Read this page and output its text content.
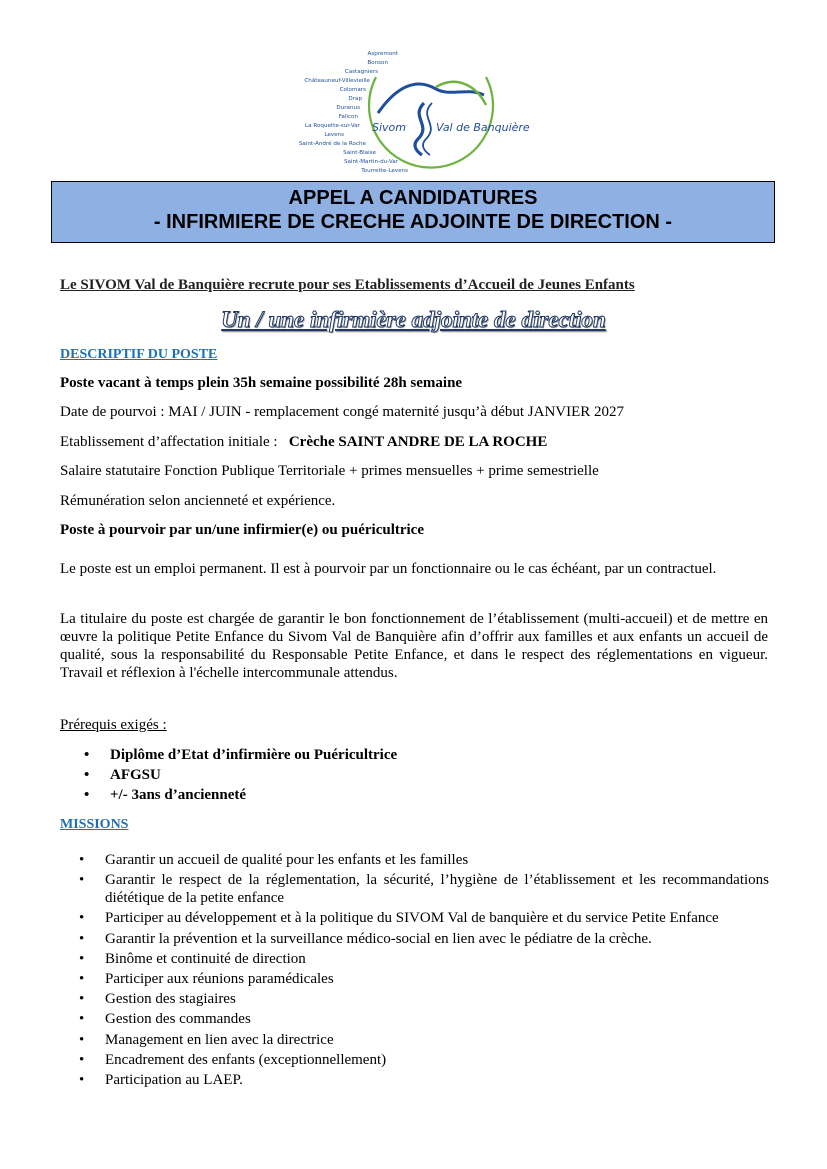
Sivom	Val de Banquière
Aspremont
Bonson
Castagniers
Châteauneuf-Villevieille
Colomars
Drap
Duranus
Falicon
La Roquette-sur-Var
Levens
Saint-André de la Roche
Saint-Blaise
Saint-Martin-du-Var
Tourrette-Levens
APPEL A CANDIDATURES
- INFIRMIERE DE CRECHE ADJOINTE DE DIRECTION -
Le SIVOM Val de Banquière recrute pour ses Etablissements d’Accueil de Jeunes Enfants
Un / une infirmière adjointe de direction
DESCRIPTIF DU POSTE
Poste vacant à temps plein 35h semaine possibilité 28h semaine
Date de pourvoi : MAI / JUIN - remplacement congé maternité jusqu’à début JANVIER 2027
Etablissement d’affectation initiale : Crèche SAINT ANDRE DE LA ROCHE
Salaire statutaire Fonction Publique Territoriale + primes mensuelles + prime semestrielle
Rémunération selon ancienneté et expérience.
Poste à pourvoir par un/une infirmier(e) ou puéricultrice
Le poste est un emploi permanent. Il est à pourvoir par un fonctionnaire ou le cas échéant, par un contractuel.
La titulaire du poste est chargée de garantir le bon fonctionnement de l’établissement (multi-accueil) et de mettre en œuvre la politique Petite Enfance du Sivom Val de Banquière afin d’offrir aux familles et aux enfants un accueil de qualité, sous la responsabilité du Responsable Petite Enfance, et dans le respect des réglementations en vigueur. Travail et réflexion à l'échelle intercommunale attendus.
Prérequis exigés :
• Diplôme d’Etat d’infirmière ou Puéricultrice
• AFGSU
• +/- 3ans d’ancienneté
MISSIONS
• Garantir un accueil de qualité pour les enfants et les familles
• Garantir le respect de la réglementation, la sécurité, l’hygiène de l’établissement et les recommandations diététique de la petite enfance
• Participer au développement et à la politique du SIVOM Val de banquière et du service Petite Enfance
• Garantir la prévention et la surveillance médico-social en lien avec le pédiatre de la crèche.
• Binôme et continuité de direction
• Participer aux réunions paramédicales
• Gestion des stagiaires
• Gestion des commandes
• Management en lien avec la directrice
• Encadrement des enfants (exceptionnellement)
• Participation au LAEP.
